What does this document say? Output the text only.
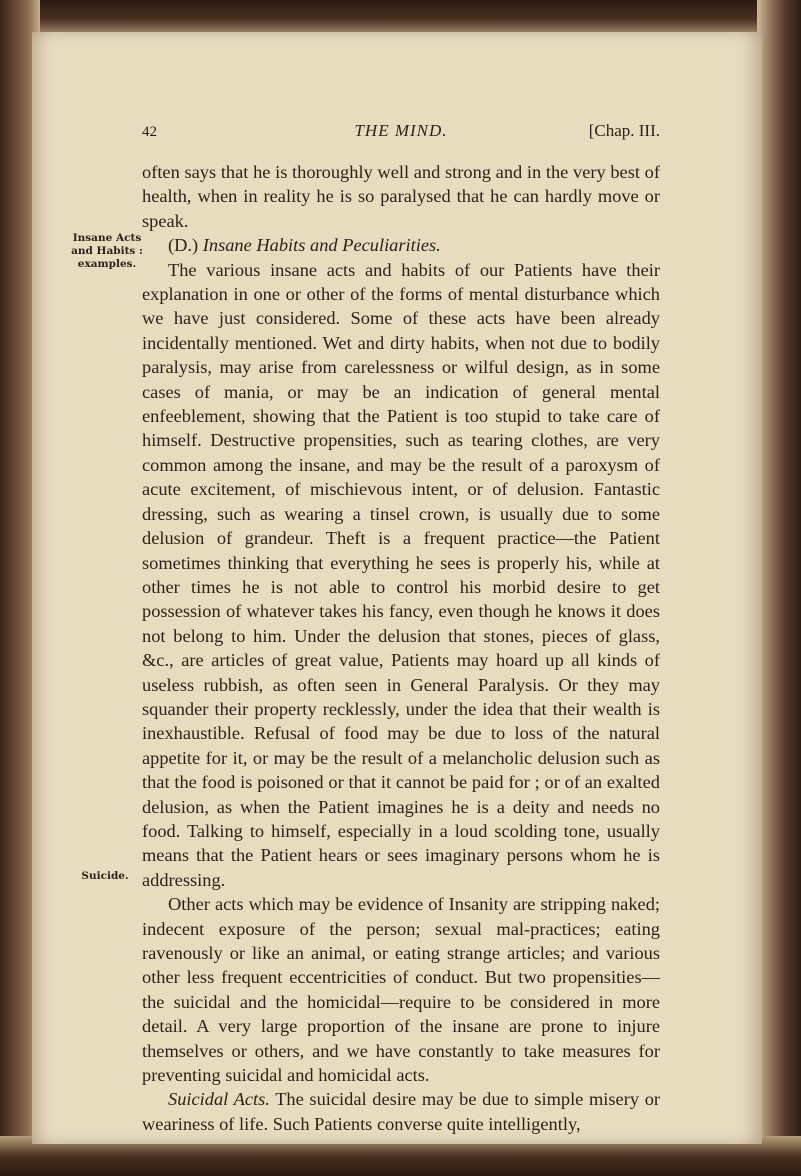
42	THE MIND.	[Chap. III.
Insane Acts and Habits : examples.
Suicide.

often says that he is thoroughly well and strong and in the very best of health, when in reality he is so paralysed that he can hardly move or speak.

(D.) Insane Habits and Peculiarities.

The various insane acts and habits of our Patients have their explanation in one or other of the forms of mental disturbance which we have just considered. Some of these acts have been already incidentally mentioned. Wet and dirty habits, when not due to bodily paralysis, may arise from carelessness or wilful design, as in some cases of mania, or may be an indication of general mental enfeeblement, showing that the Patient is too stupid to take care of himself. Destructive propensities, such as tearing clothes, are very common among the insane, and may be the result of a paroxysm of acute excitement, of mischievous intent, or of delusion. Fantastic dressing, such as wearing a tinsel crown, is usually due to some delusion of grandeur. Theft is a frequent practice—the Patient sometimes thinking that everything he sees is properly his, while at other times he is not able to control his morbid desire to get possession of whatever takes his fancy, even though he knows it does not belong to him. Under the delusion that stones, pieces of glass, &c., are articles of great value, Patients may hoard up all kinds of useless rubbish, as often seen in General Paralysis. Or they may squander their property recklessly, under the idea that their wealth is inexhaustible. Refusal of food may be due to loss of the natural appetite for it, or may be the result of a melancholic delusion such as that the food is poisoned or that it cannot be paid for ; or of an exalted delusion, as when the Patient imagines he is a deity and needs no food. Talking to himself, especially in a loud scolding tone, usually means that the Patient hears or sees imaginary persons whom he is addressing.

Other acts which may be evidence of Insanity are stripping naked; indecent exposure of the person; sexual mal-practices; eating ravenously or like an animal, or eating strange articles; and various other less frequent eccentricities of conduct. But two propensities—the suicidal and the homicidal—require to be considered in more detail. A very large proportion of the insane are prone to injure themselves or others, and we have constantly to take measures for preventing suicidal and homicidal acts.

Suicidal Acts. The suicidal desire may be due to simple misery or weariness of life. Such Patients converse quite intelligently,
